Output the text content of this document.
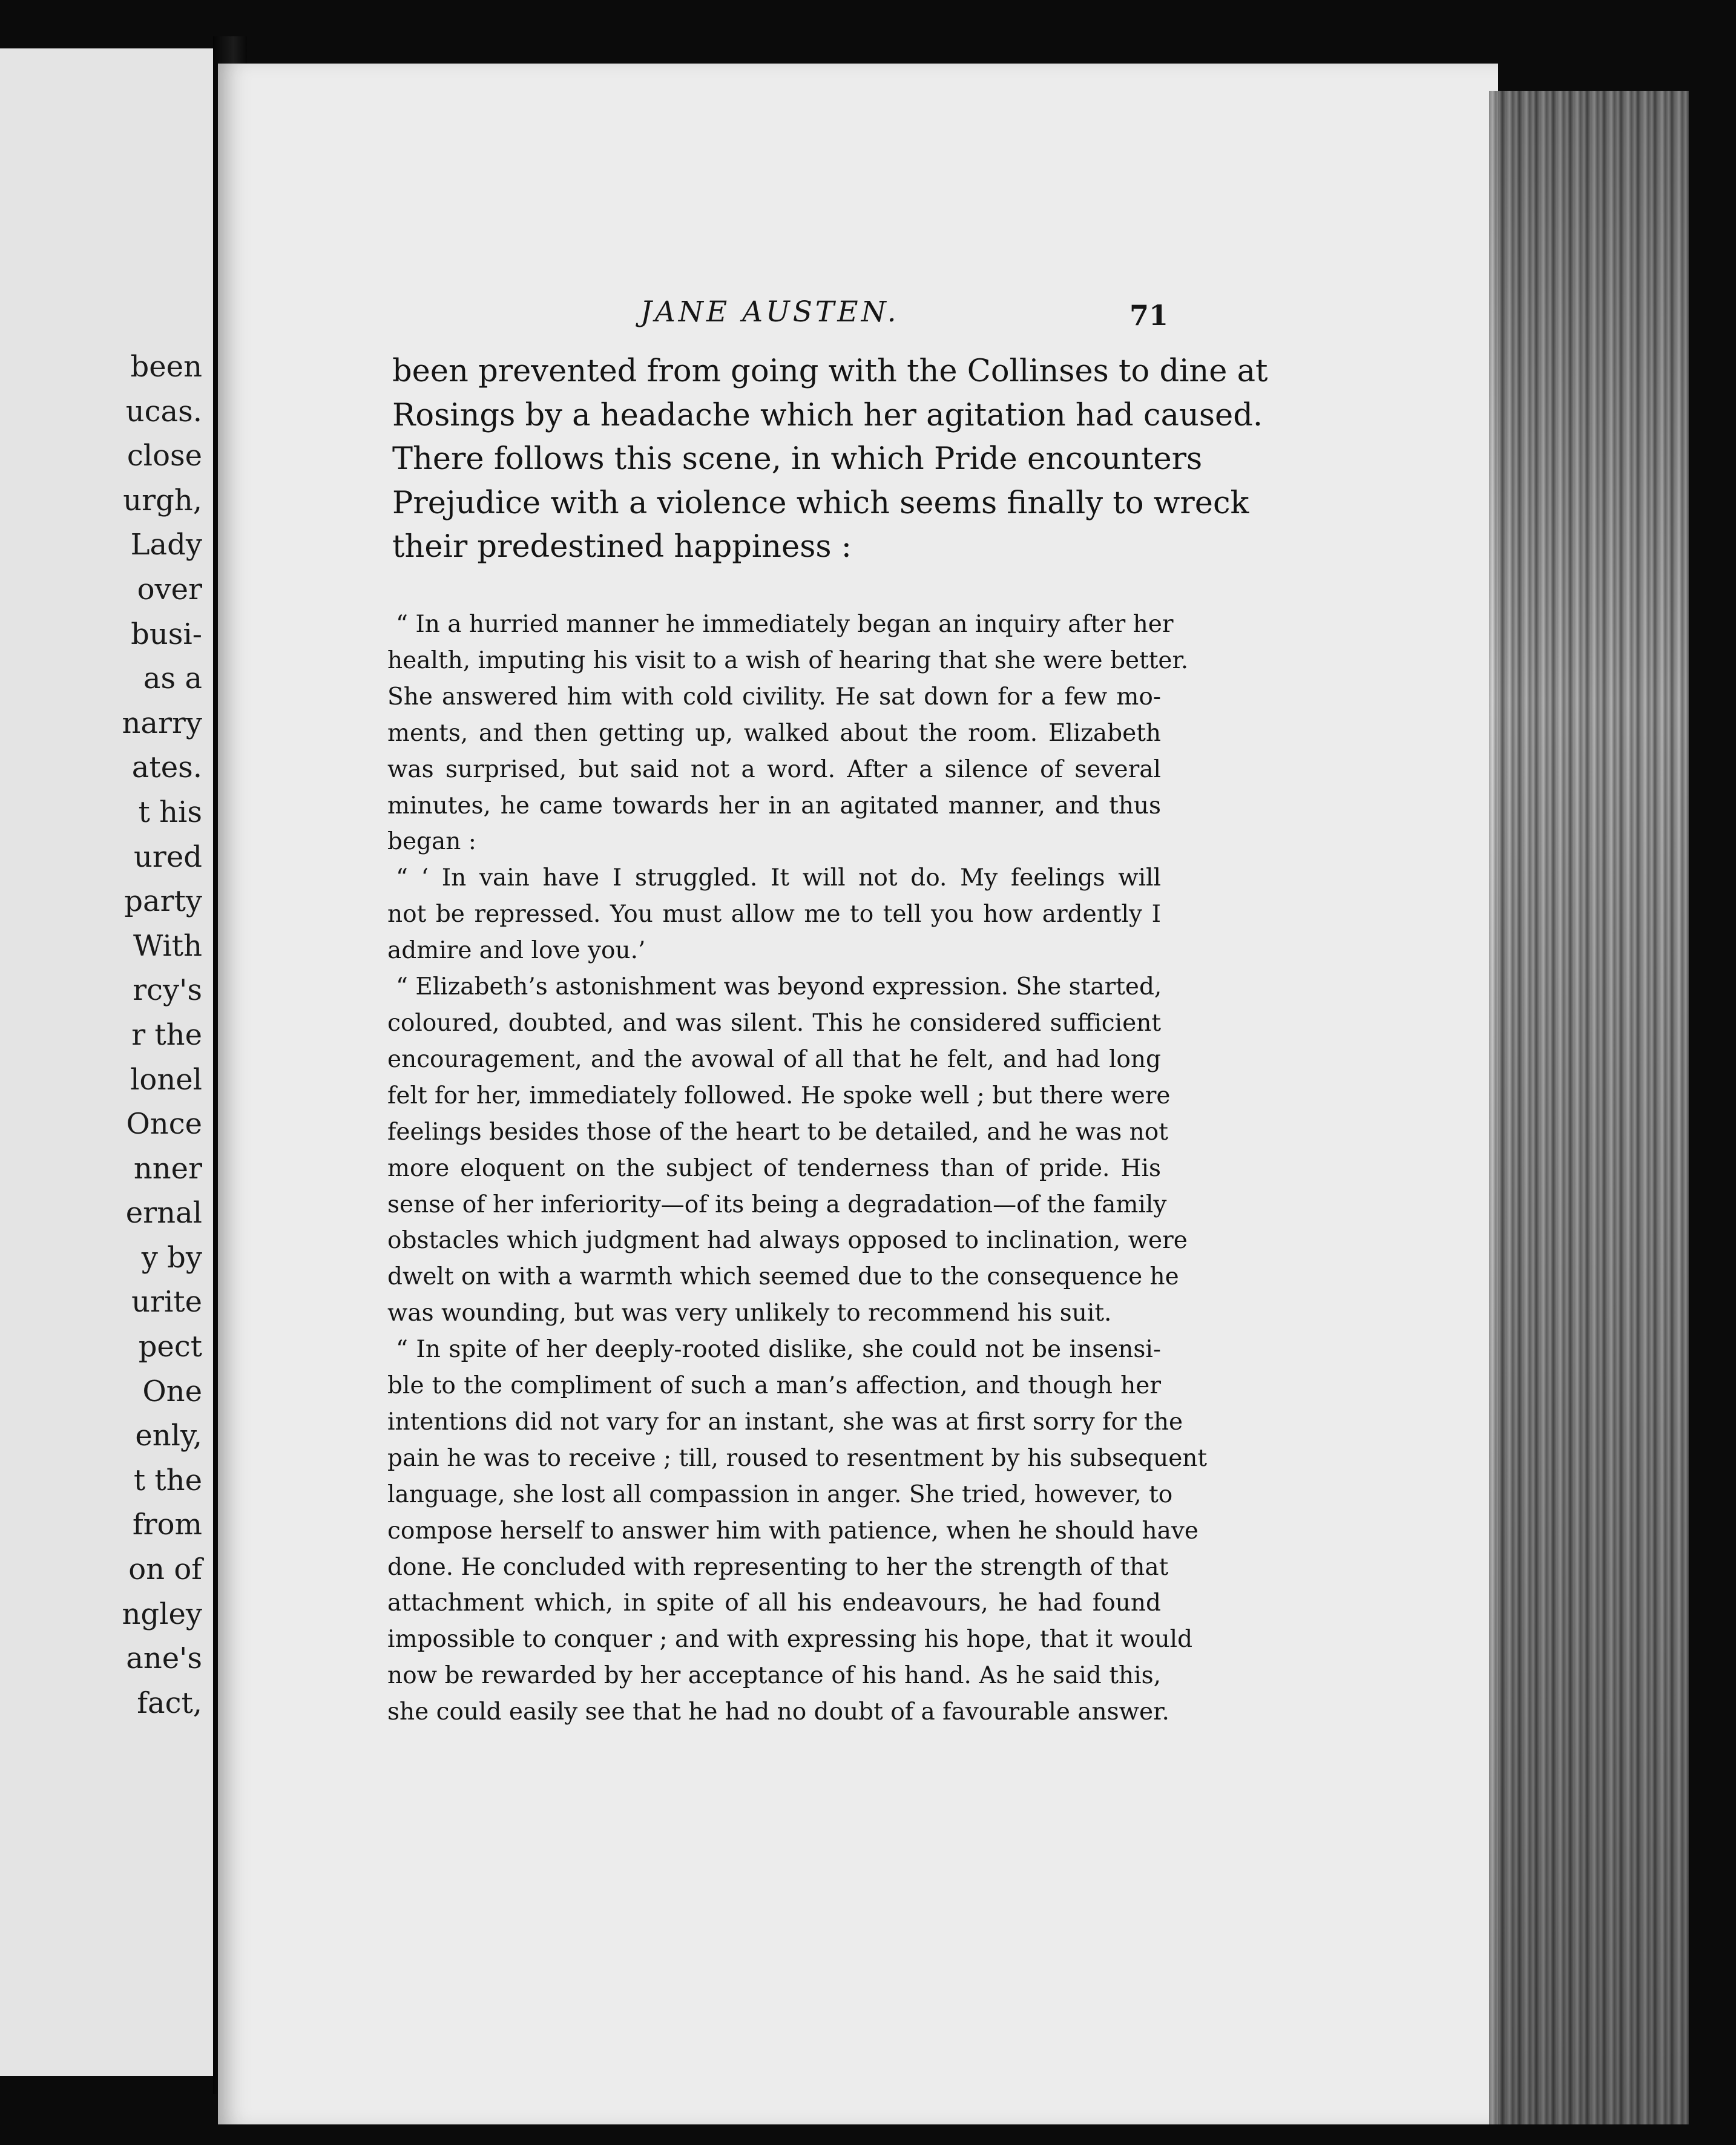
been
ucas.
close
urgh,
Lady
over
busi-
as a
narry
ates.
t his
ured
party
With
rcy's
r the
lonel
Once
nner
ernal
y by
urite
pect
One
enly,
t the
from
on of
ngley
ane's
fact,
JANE AUSTEN.	71
been prevented from going with the Collinses to dine at
Rosings by a headache which her agitation had caused.
There follows this scene, in which Pride encounters
Prejudice with a violence which seems finally to wreck
their predestined happiness :
“ In a hurried manner he immediately began an inquiry after her
health, imputing his visit to a wish of hearing that she were better.
She answered him with cold civility. He sat down for a few mo-
ments, and then getting up, walked about the room. Elizabeth
was surprised, but said not a word. After a silence of several
minutes, he came towards her in an agitated manner, and thus
began :
“ ‘ In vain have I struggled. It will not do. My feelings will
not be repressed. You must allow me to tell you how ardently I
admire and love you.’
“ Elizabeth’s astonishment was beyond expression. She started,
coloured, doubted, and was silent. This he considered sufficient
encouragement, and the avowal of all that he felt, and had long
felt for her, immediately followed. He spoke well ; but there were
feelings besides those of the heart to be detailed, and he was not
more eloquent on the subject of tenderness than of pride. His
sense of her inferiority—of its being a degradation—of the family
obstacles which judgment had always opposed to inclination, were
dwelt on with a warmth which seemed due to the consequence he
was wounding, but was very unlikely to recommend his suit.
“ In spite of her deeply-rooted dislike, she could not be insensi-
ble to the compliment of such a man’s affection, and though her
intentions did not vary for an instant, she was at first sorry for the
pain he was to receive ; till, roused to resentment by his subsequent
language, she lost all compassion in anger. She tried, however, to
compose herself to answer him with patience, when he should have
done. He concluded with representing to her the strength of that
attachment which, in spite of all his endeavours, he had found
impossible to conquer ; and with expressing his hope, that it would
now be rewarded by her acceptance of his hand. As he said this,
she could easily see that he had no doubt of a favourable answer.
